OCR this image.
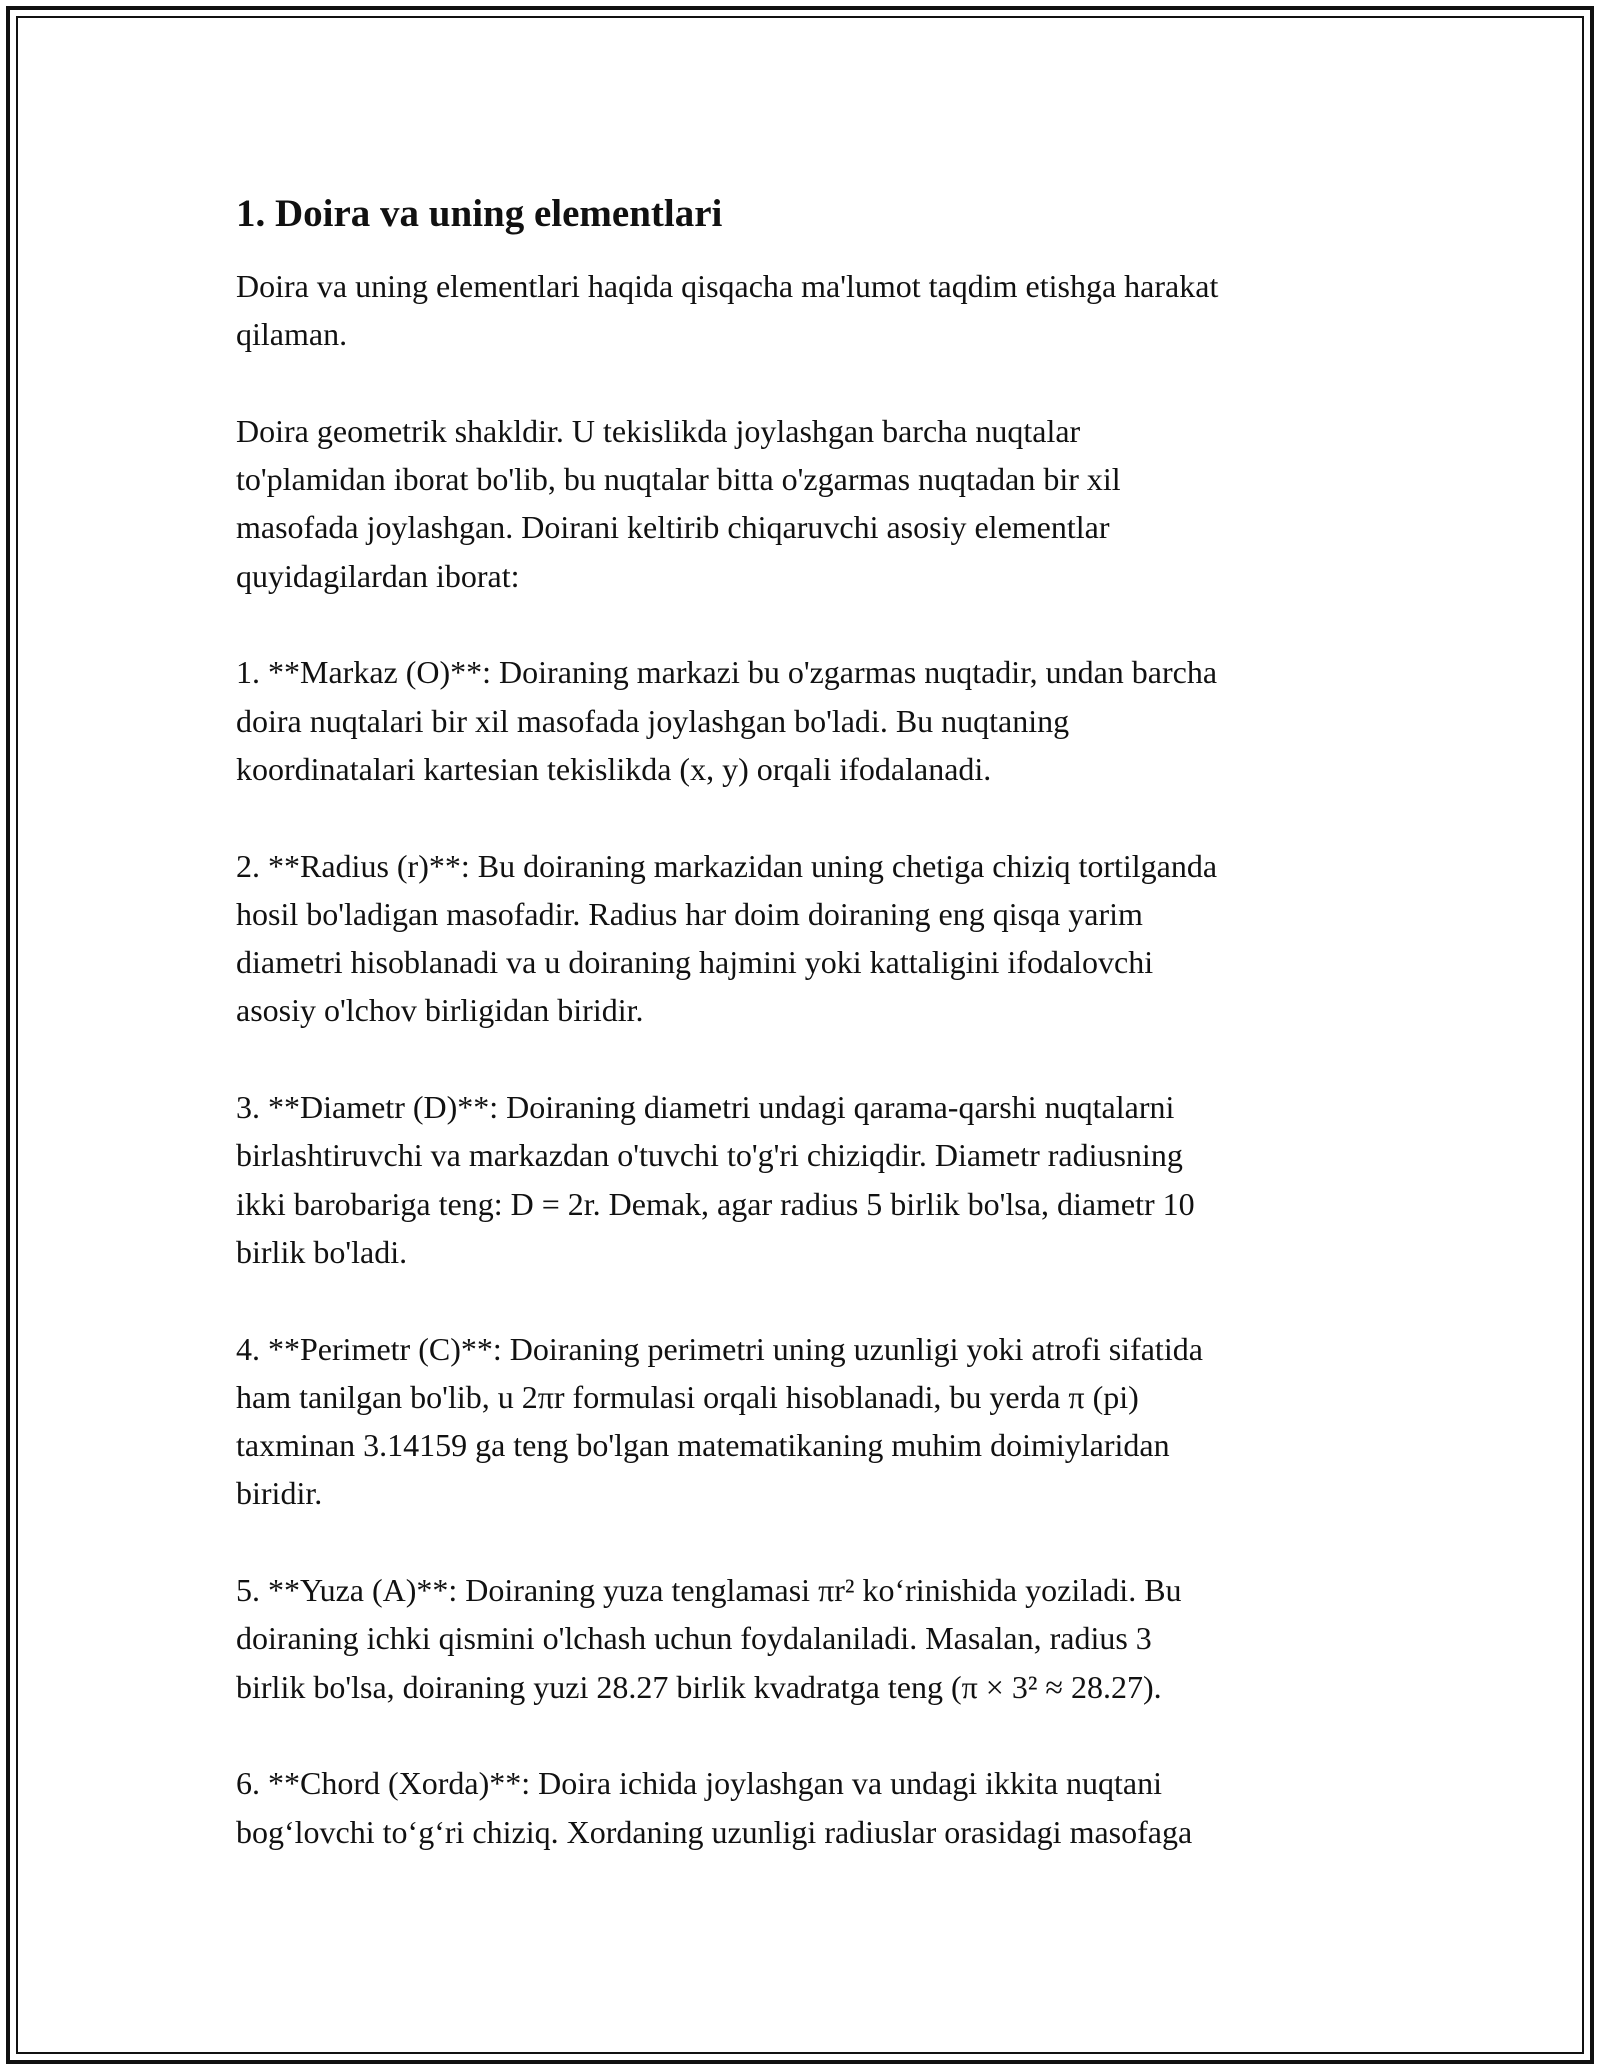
1. Doira va uning elementlari

Doira va uning elementlari haqida qisqacha ma'lumot taqdim etishga harakat
qilaman.

Doira geometrik shakldir. U tekislikda joylashgan barcha nuqtalar
to'plamidan iborat bo'lib, bu nuqtalar bitta o'zgarmas nuqtadan bir xil
masofada joylashgan. Doirani keltirib chiqaruvchi asosiy elementlar
quyidagilardan iborat:

1. **Markaz (O)**: Doiraning markazi bu o'zgarmas nuqtadir, undan barcha
doira nuqtalari bir xil masofada joylashgan bo'ladi. Bu nuqtaning
koordinatalari kartesian tekislikda (x, y) orqali ifodalanadi.

2. **Radius (r)**: Bu doiraning markazidan uning chetiga chiziq tortilganda
hosil bo'ladigan masofadir. Radius har doim doiraning eng qisqa yarim
diametri hisoblanadi va u doiraning hajmini yoki kattaligini ifodalovchi
asosiy o'lchov birligidan biridir.

3. **Diametr (D)**: Doiraning diametri undagi qarama-qarshi nuqtalarni
birlashtiruvchi va markazdan o'tuvchi to'g'ri chiziqdir. Diametr radiusning
ikki barobariga teng: D = 2r. Demak, agar radius 5 birlik bo'lsa, diametr 10
birlik bo'ladi.

4. **Perimetr (C)**: Doiraning perimetri uning uzunligi yoki atrofi sifatida
ham tanilgan bo'lib, u 2πr formulasi orqali hisoblanadi, bu yerda π (pi)
taxminan 3.14159 ga teng bo'lgan matematikaning muhim doimiylaridan
biridir.

5. **Yuza (A)**: Doiraning yuza tenglamasi πr² ko‘rinishida yoziladi. Bu
doiraning ichki qismini o'lchash uchun foydalaniladi. Masalan, radius 3
birlik bo'lsa, doiraning yuzi 28.27 birlik kvadratga teng (π × 3² ≈ 28.27).

6. **Chord (Xorda)**: Doira ichida joylashgan va undagi ikkita nuqtani
bog‘lovchi to‘g‘ri chiziq. Xordaning uzunligi radiuslar orasidagi masofaga
